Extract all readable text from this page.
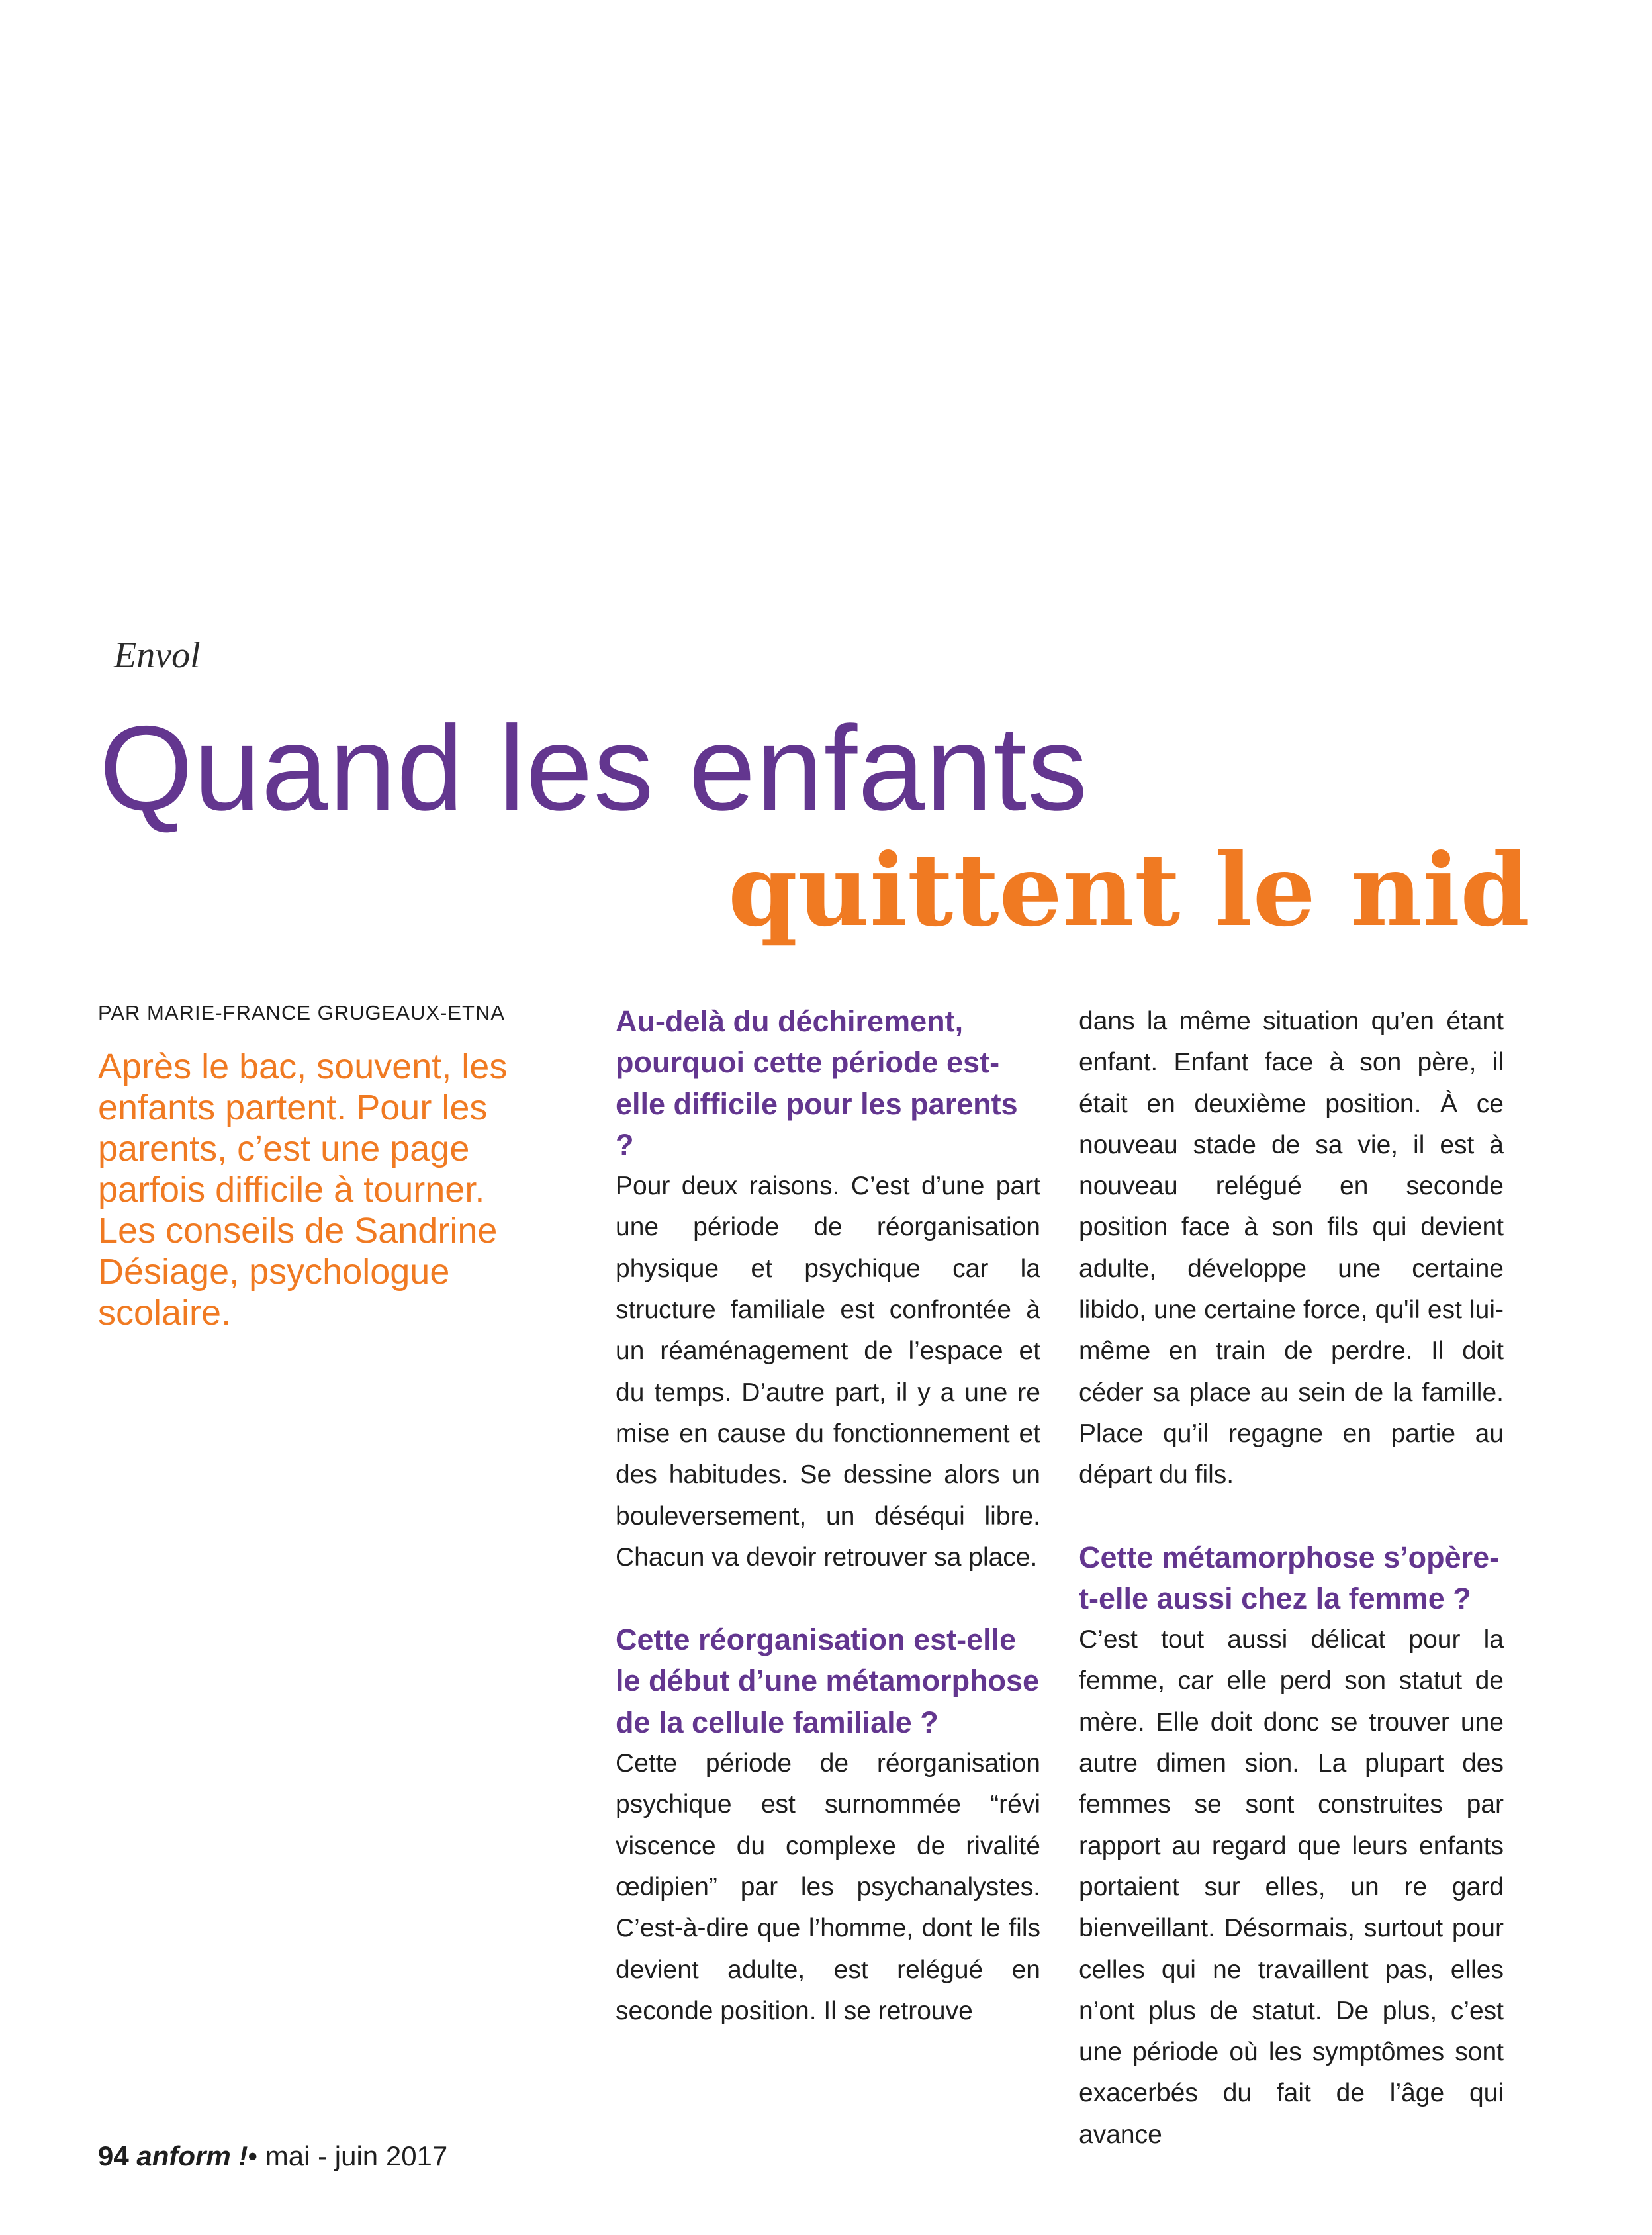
Envol

Quand les enfants
quittent le nid

PAR MARIE-FRANCE GRUGEAUX-ETNA

Après le bac, souvent, les enfants partent. Pour les parents, c’est une page parfois difficile à tourner. Les conseils de Sandrine Désiage, psychologue scolaire.

Au-delà du déchirement, pourquoi cette période est-elle difficile pour les parents ?

Pour deux raisons. C’est d’une part une période de réorganisation physique et psychique car la structure familiale est confrontée à un réaménagement de l’espace et du temps. D’autre part, il y a une re mise en cause du fonctionnement et des habitudes. Se dessine alors un bouleversement, un déséqui libre. Chacun va devoir retrouver sa place.

Cette réorganisation est-elle le début d’une métamorphose de la cellule familiale ?

Cette période de réorganisation psychique est surnommée “révi viscence du complexe de rivalité œdipien” par les psychanalystes. C’est-à-dire que l’homme, dont le fils devient adulte, est relégué en seconde position. Il se retrouve

dans la même situation qu’en étant enfant. Enfant face à son père, il était en deuxième position. À ce nouveau stade de sa vie, il est à nouveau relégué en seconde position face à son fils qui devient adulte, développe une certaine libido, une certaine force, qu'il est lui-même en train de perdre. Il doit céder sa place au sein de la famille. Place qu’il regagne en partie au départ du fils.

Cette métamorphose s’opère-t-elle aussi chez la femme ?

C’est tout aussi délicat pour la femme, car elle perd son statut de mère. Elle doit donc se trouver une autre dimen sion. La plupart des femmes se sont construites par rapport au regard que leurs enfants portaient sur elles, un re gard bienveillant. Désormais, surtout pour celles qui ne travaillent pas, elles n’ont plus de statut. De plus, c’est une période où les symptômes sont exacerbés du fait de l’âge qui avance

94 anform !• mai - juin 2017
